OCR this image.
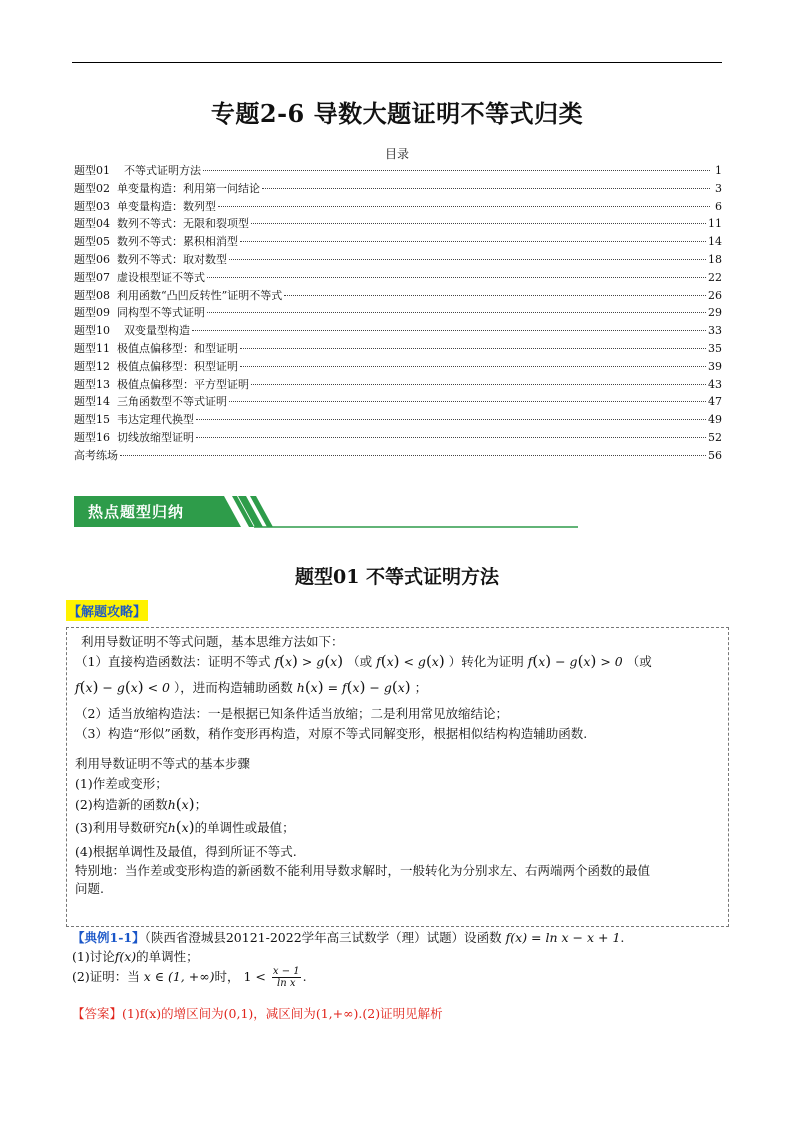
专题2-6 导数大题证明不等式归类
目录
题型01    不等式证明方法	1
题型02  单变量构造：利用第一问结论	3
题型03  单变量构造：数列型	6
题型04  数列不等式：无限和裂项型	11
题型05  数列不等式：累积相消型	14
题型06  数列不等式：取对数型	18
题型07  虚设根型证不等式	22
题型08  利用函数“凸凹反转性”证明不等式	26
题型09  同构型不等式证明	29
题型10    双变量型构造	33
题型11  极值点偏移型：和型证明	35
题型12  极值点偏移型：积型证明	39
题型13  极值点偏移型：平方型证明	43
题型14  三角函数型不等式证明	47
题型15  韦达定理代换型	49
题型16  切线放缩型证明	52
高考练场	56
热点题型归纳
题型01 不等式证明方法
【解题攻略】
利用导数证明不等式问题，基本思维方法如下：
（1）直接构造函数法：证明不等式 f(x) > g(x) （或 f(x) < g(x) ）转化为证明 f(x) − g(x) > 0 （或
f(x) − g(x) < 0 ），进而构造辅助函数 h(x) = f(x) − g(x) ；
（2）适当放缩构造法：一是根据已知条件适当放缩；二是利用常见放缩结论；
（3）构造“形似”函数，稍作变形再构造，对原不等式同解变形，根据相似结构构造辅助函数.
利用导数证明不等式的基本步骤
(1)作差或变形；
(2)构造新的函数h(x)；
(3)利用导数研究h(x)的单调性或最值；
(4)根据单调性及最值，得到所证不等式.
特别地：当作差或变形构造的新函数不能利用导数求解时，一般转化为分别求左、右两端两个函数的最值
问题.
【典例1-1】（陕西省澄城县20121-2022学年高三试数学（理）试题）设函数 f(x) = ln x − x + 1.
(1)讨论f(x)的单调性；
(2)证明：当 x ∈ (1, +∞)时， $1 < \frac{x - 1}{\text{ln x}}$ .
【答案】(1)f(x)的增区间为(0,1)，减区间为(1,+∞).(2)证明见解析
